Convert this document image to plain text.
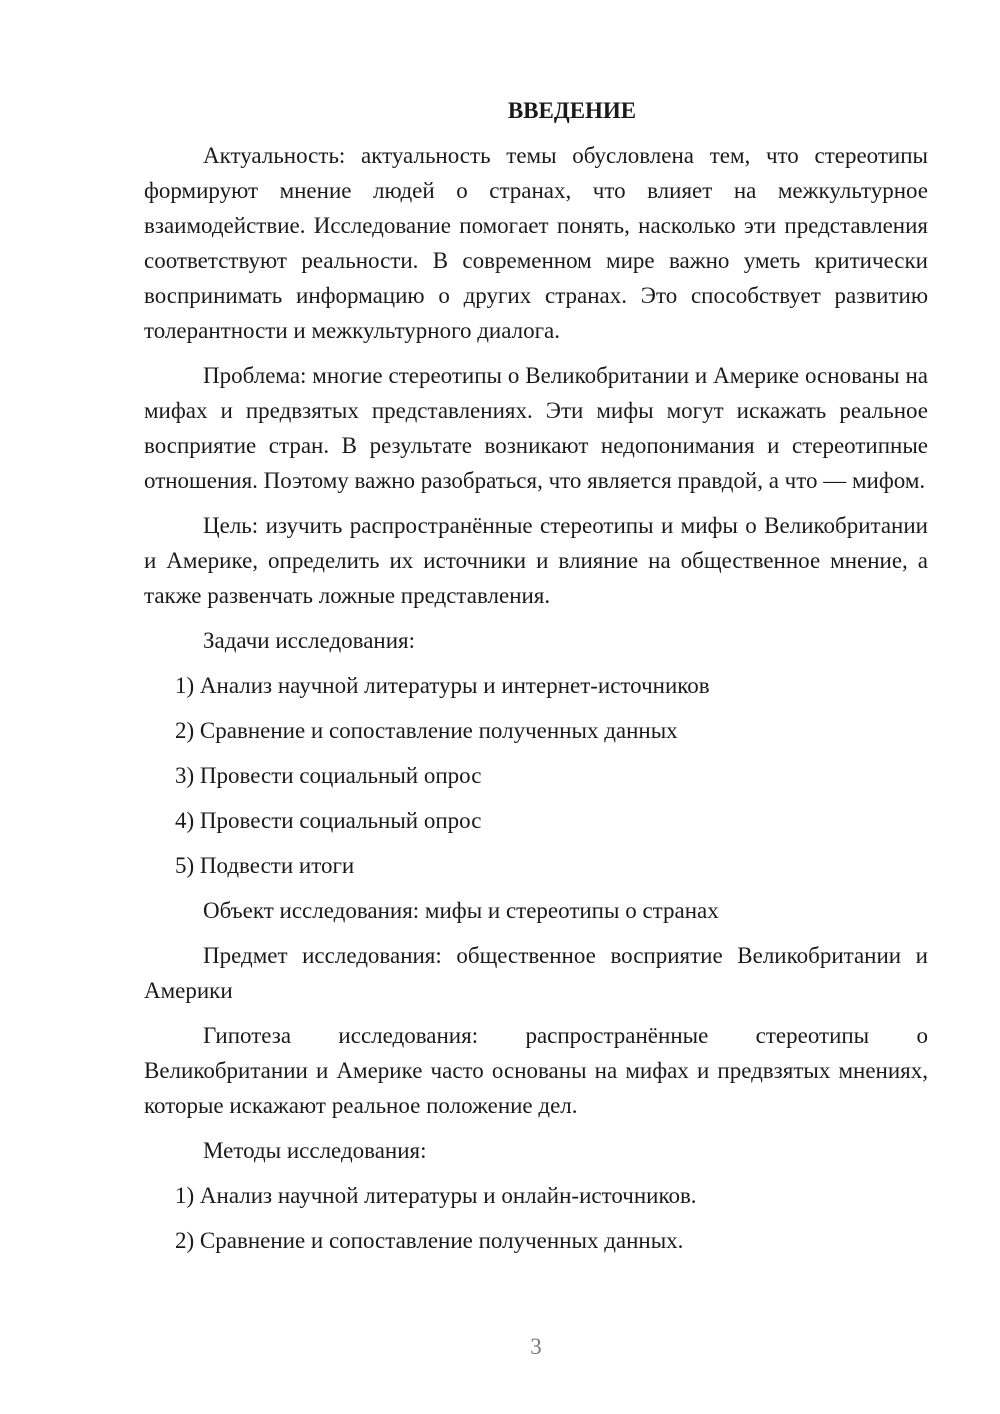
ВВЕДЕНИЕ

Актуальность: актуальность темы обусловлена тем, что стереотипы формируют мнение людей о странах, что влияет на межкультурное взаимодействие. Исследование помогает понять, насколько эти представления соответствуют реальности. В современном мире важно уметь критически воспринимать информацию о других странах. Это способствует развитию толерантности и межкультурного диалога.

Проблема: многие стереотипы о Великобритании и Америке основаны на мифах и предвзятых представлениях. Эти мифы могут искажать реальное восприятие стран. В результате возникают недопонимания и стереотипные отношения. Поэтому важно разобраться, что является правдой, а что — мифом.

Цель: изучить распространённые стереотипы и мифы о Великобритании и Америке, определить их источники и влияние на общественное мнение, а также развенчать ложные представления.

Задачи исследования:

1) Анализ научной литературы и интернет-источников

2) Сравнение и сопоставление полученных данных

3) Провести социальный опрос

4) Провести социальный опрос

5) Подвести итоги

Объект исследования: мифы и стереотипы о странах

Предмет исследования: общественное восприятие Великобритании и Америки

Гипотеза исследования: распространённые стереотипы о Великобритании и Америке часто основаны на мифах и предвзятых мнениях, которые искажают реальное положение дел.

Методы исследования:

1) Анализ научной литературы и онлайн-источников.

2) Сравнение и сопоставление полученных данных.

3
